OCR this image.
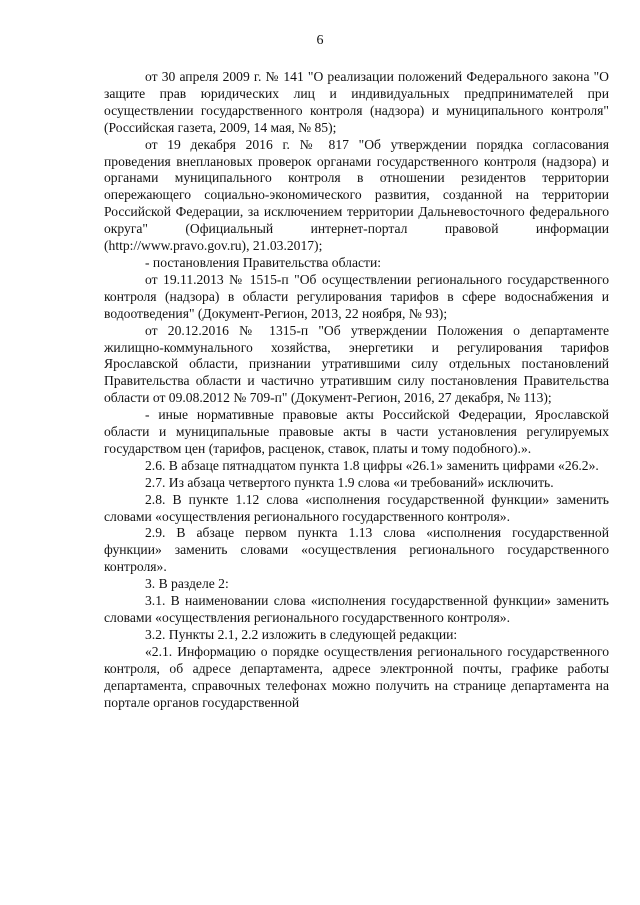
6

от 30 апреля 2009 г. № 141 "О реализации положений Федерального закона "О защите прав юридических лиц и индивидуальных предпринимателей при осуществлении государственного контроля (надзора) и муниципального контроля" (Российская газета, 2009, 14 мая, № 85);

от 19 декабря 2016 г. № 817 "Об утверждении порядка согласования проведения внеплановых проверок органами государственного контроля (надзора) и органами муниципального контроля в отношении резидентов территории опережающего социально-экономического развития, созданной на территории Российской Федерации, за исключением территории Дальневосточного федерального округа" (Официальный интернет-портал правовой информации (http://www.pravo.gov.ru), 21.03.2017);

- постановления Правительства области:

от 19.11.2013 № 1515-п "Об осуществлении регионального государственного контроля (надзора) в области регулирования тарифов в сфере водоснабжения и водоотведения" (Документ-Регион, 2013, 22 ноября, № 93);

от 20.12.2016 № 1315-п "Об утверждении Положения о департаменте жилищно-коммунального хозяйства, энергетики и регулирования тарифов Ярославской области, признании утратившими силу отдельных постановлений Правительства области и частично утратившим силу постановления Правительства области от 09.08.2012 № 709-п" (Документ-Регион, 2016, 27 декабря, № 113);

- иные нормативные правовые акты Российской Федерации, Ярославской области и муниципальные правовые акты в части установления регулируемых государством цен (тарифов, расценок, ставок, платы и тому подобного).».

2.6. В абзаце пятнадцатом пункта 1.8 цифры «26.1» заменить цифрами «26.2».

2.7. Из абзаца четвертого пункта 1.9 слова «и требований» исключить.

2.8. В пункте 1.12 слова «исполнения государственной функции» заменить словами «осуществления регионального государственного контроля».

2.9. В абзаце первом пункта 1.13 слова «исполнения государственной функции» заменить словами «осуществления регионального государственного контроля».

3. В разделе 2:

3.1. В наименовании слова «исполнения государственной функции» заменить словами «осуществления регионального государственного контроля».

3.2. Пункты 2.1, 2.2 изложить в следующей редакции:

«2.1. Информацию о порядке осуществления регионального государственного контроля, об адресе департамента, адресе электронной почты, графике работы департамента, справочных телефонах можно получить на странице департамента на портале органов государственной
